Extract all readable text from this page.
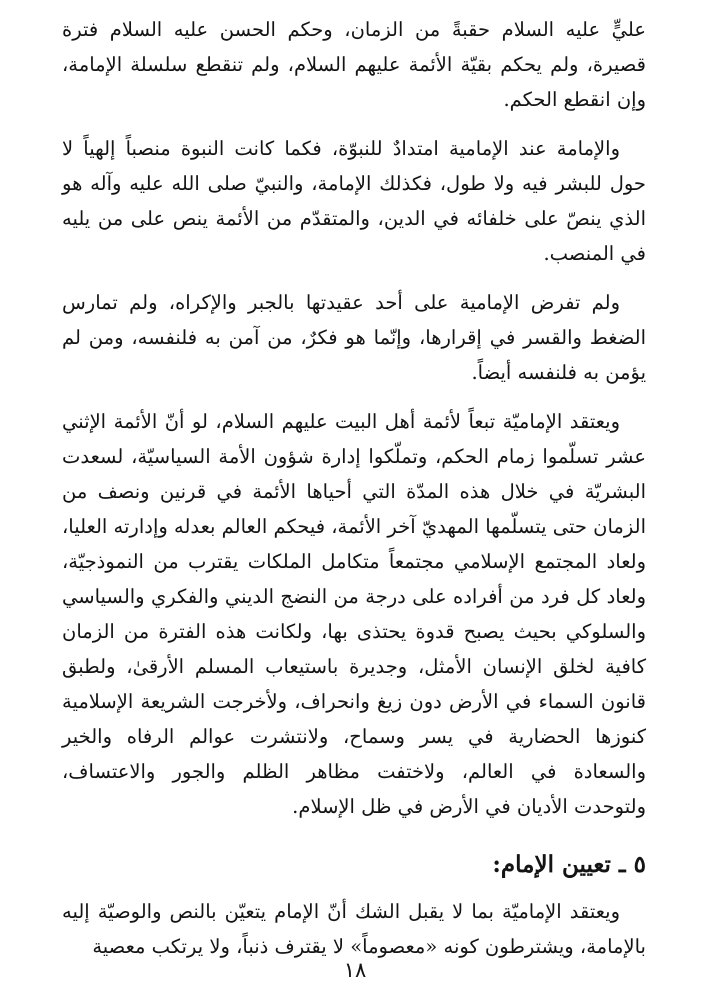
عليٍّ عليه السلام حقبةً من الزمان، وحكم الحسن عليه السلام فترة قصيرة، ولم يحكم بقيّة الأئمة عليهم السلام، ولم تنقطع سلسلة الإمامة، وإن انقطع الحكم.

والإمامة عند الإمامية امتدادٌ للنبوّة، فكما كانت النبوة منصباً إلهياً لا حول للبشر فيه ولا طول، فكذلك الإمامة، والنبيّ صلى الله عليه وآله هو الذي ينصّ على خلفائه في الدين، والمتقدّم من الأئمة ينص على من يليه في المنصب.

ولم تفرض الإمامية على أحد عقيدتها بالجبر والإكراه، ولم تمارس الضغط والقسر في إقرارها، وإنّما هو فكرٌ، من آمن به فلنفسه، ومن لم يؤمن به فلنفسه أيضاً.

ويعتقد الإماميّة تبعاً لأئمة أهل البيت عليهم السلام، لو أنّ الأئمة الإثني عشر تسلّموا زمام الحكم، وتملّكوا إدارة شؤون الأمة السياسيّة، لسعدت البشريّة في خلال هذه المدّة التي أحياها الأئمة في قرنين ونصف من الزمان حتى يتسلّمها المهديّ آخر الأئمة، فيحكم العالم بعدله وإدارته العليا، ولعاد المجتمع الإسلامي مجتمعاً متكامل الملكات يقترب من النموذجيّة، ولعاد كل فرد من أفراده على درجة من النضج الديني والفكري والسياسي والسلوكي بحيث يصبح قدوة يحتذى بها، ولكانت هذه الفترة من الزمان كافية لخلق الإنسان الأمثل، وجديرة باستيعاب المسلم الأرقىٰ، ولطبق قانون السماء في الأرض دون زيغ وانحراف، ولأخرجت الشريعة الإسلامية كنوزها الحضارية في يسر وسماح، ولانتشرت عوالم الرفاه والخير والسعادة في العالم، ولاختفت مظاهر الظلم والجور والاعتساف، ولتوحدت الأديان في الأرض في ظل الإسلام.

٥ ـ تعيين الإمام:

ويعتقد الإماميّة بما لا يقبل الشك أنّ الإمام يتعيّن بالنص والوصيّة إليه بالإمامة، ويشترطون كونه «معصوماً» لا يقترف ذنباً، ولا يرتكب معصية

١٨
